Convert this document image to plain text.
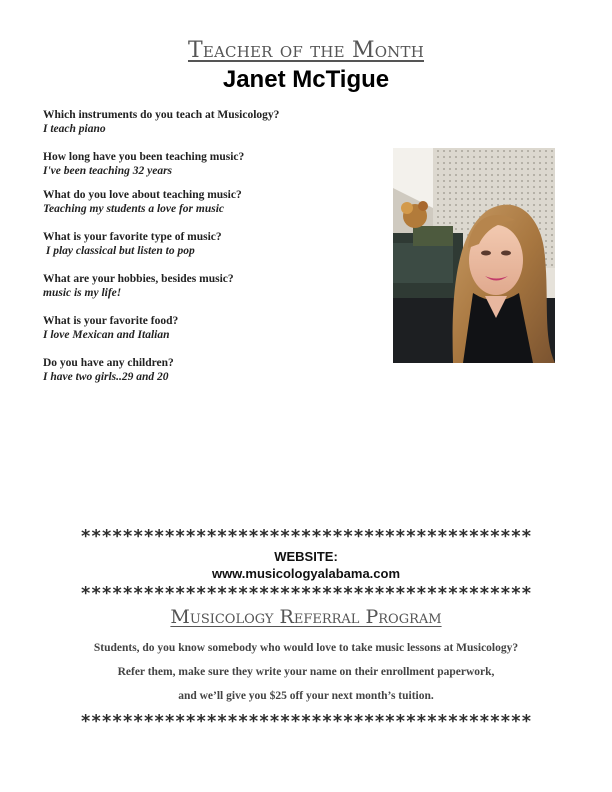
Teacher of the Month
Janet McTigue
Which instruments do you teach at Musicology?
I teach piano
How long have you been teaching music?
I've been teaching 32 years
What do you love about teaching music?
Teaching my students a love for music
What is your favorite type of music?
I play classical but listen to pop
What are your hobbies, besides music?
music is my life!
What is your favorite food?
I love Mexican and Italian
Do you have any children?
I have two girls..29 and 20
*******************************************
WEBSITE:
www.musicologyalabama.com
*******************************************
Musicology Referral Program
Students, do you know somebody who would love to take music lessons at Musicology?
Refer them, make sure they write your name on their enrollment paperwork,
and we’ll give you $25 off your next month’s tuition.
*******************************************
